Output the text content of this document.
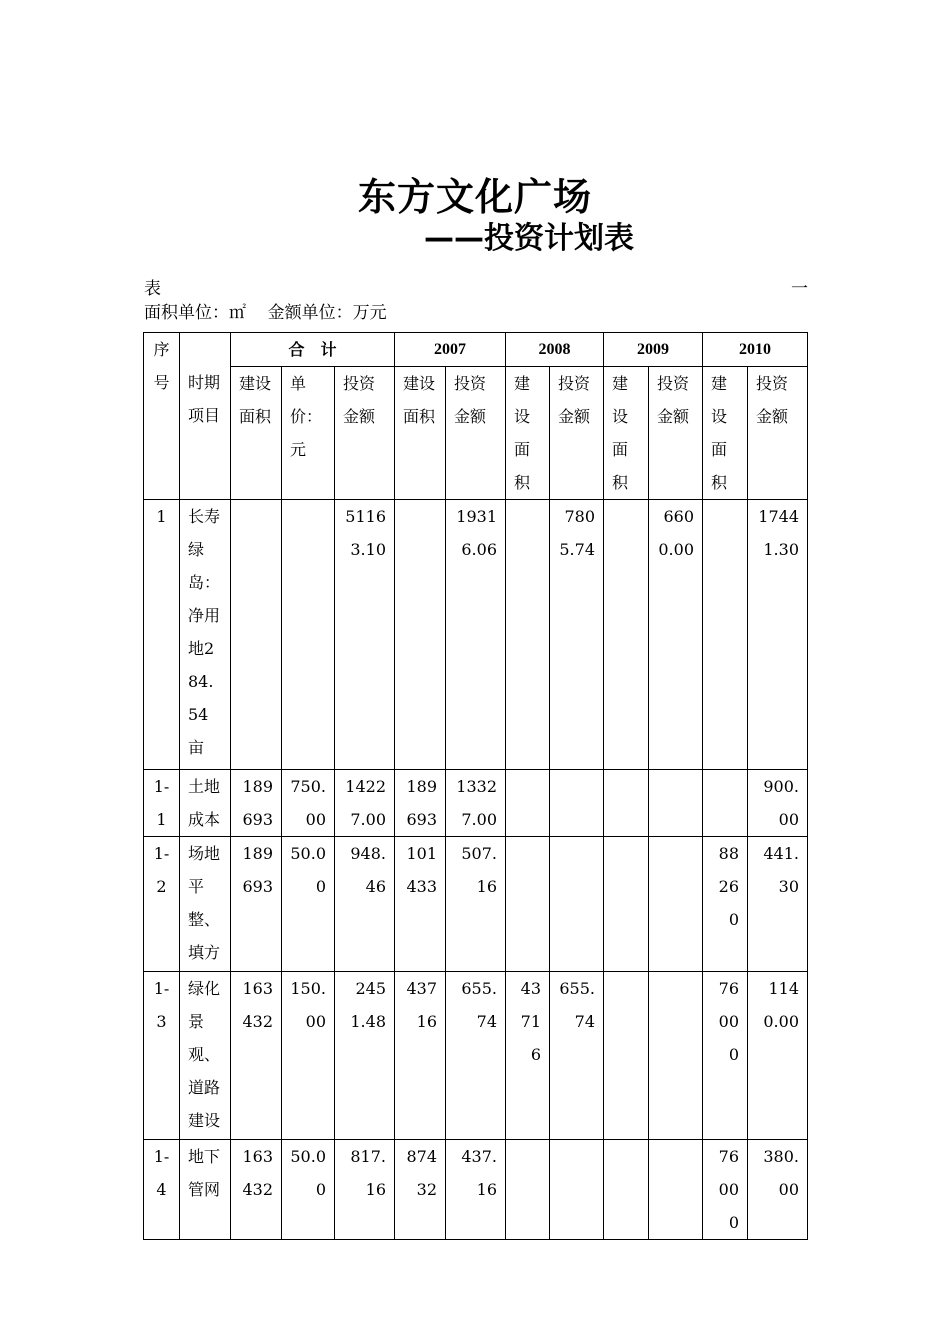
东方文化广场
——投资计划表
表	一
面积单位：㎡    金额单位：万元
序号	时期项目	合　计			2007		2008		2009		2010	
		建设面积	单价：元	投资金额	建设面积	投资金额	建设面积	投资金额	建设面积	投资金额	建设面积	投资金额
1	长寿绿岛：净用地284.54亩			51163.10		19316.06		7805.74		6600.00		17441.30
1-1	土地成本	189693	750.00	14227.00	189693	13327.00						900.00
1-2	场地平整、填方	189693	50.00	948.46	101433	507.16					88260	441.30
1-3	绿化景观、道路建设	163432	150.00	2451.48	43716	655.74	43716	655.74			76000	1140.00
1-4	地下管网	163432	50.00	817.16	87432	437.16					76000	380.00
